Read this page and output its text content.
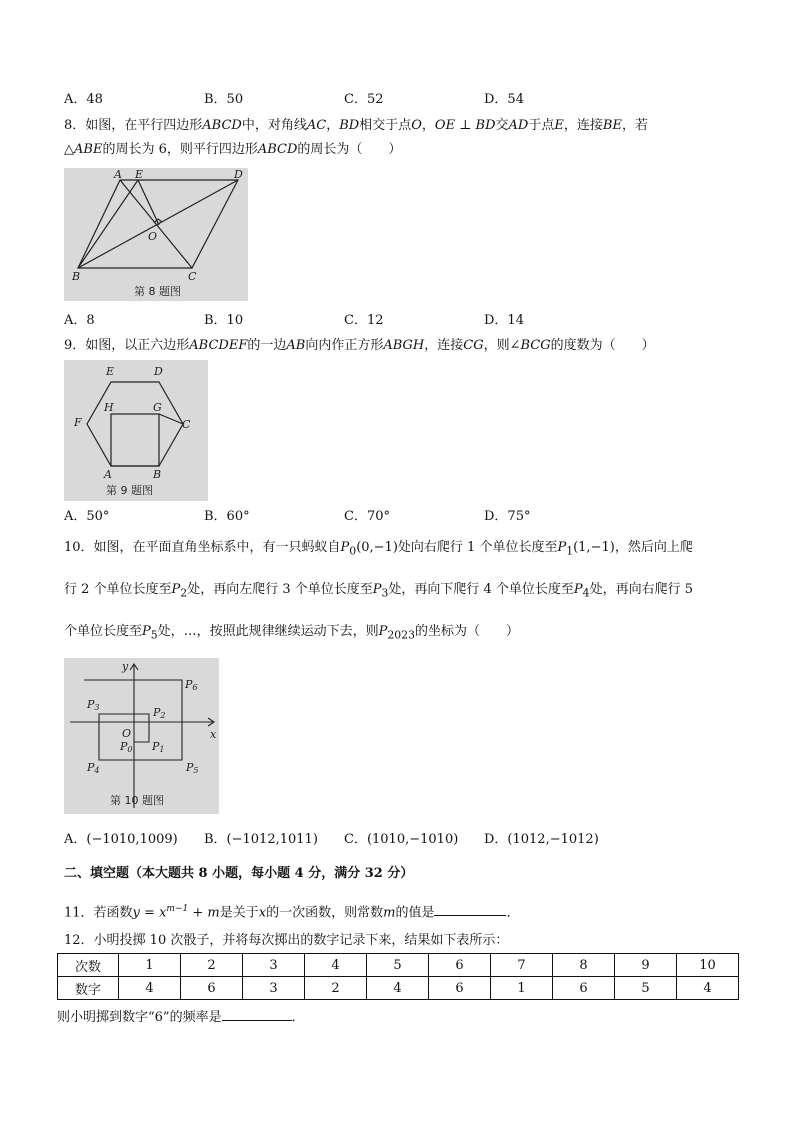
A．48	B．50	C．52	D．54
8．如图，在平行四边形ABCD中，对角线AC，BD相交于点O，OE ⊥ BD交AD于点E，连接BE，若
△ABE的周长为 6，则平行四边形ABCD的周长为（　　）
A E	D
O
B	C
第 8 题图
A．8	B．10	C．12	D．14
9．如图，以正六边形ABCDEF的一边AB向内作正方形ABGH，连接CG，则∠BCG的度数为（　　）
E	D
H	G
F	C
A	B
第 9 题图
A．50°	B．60°	C．70°	D．75°
10．如图，在平面直角坐标系中，有一只蚂蚁自$P_0(0,-1)$处向右爬行 1 个单位长度至$P_1(1,-1)$，然后向上爬
行 2 个单位长度至$P_2$处，再向左爬行 3 个单位长度至$P_3$处，再向下爬行 4 个单位长度至$P_4$处，再向右爬行 5
个单位长度至$P_5$处，…，按照此规律继续运动下去，则$P_{2023}$的坐标为（　　）
y
x
O
P0 P1
P2
P3
P4	P5
P6
第 10 题图
A．(−1010,1009) B．(−1012,1011) C．(1010,−1010) D．(1012,−1012)
二、填空题（本大题共 8 小题，每小题 4 分，满分 32 分）
11．若函数$y = x^{m-1} + m$是关于x的一次函数，则常数m的值是	．
12．小明投掷 10 次骰子，并将每次掷出的数字记录下来，结果如下表所示：
次数	1	2	3	4	5	6	7	8	9	10
数字	4	6	3	2	4	6	1	6	5	4
则小明掷到数字“6”的频率是	．
